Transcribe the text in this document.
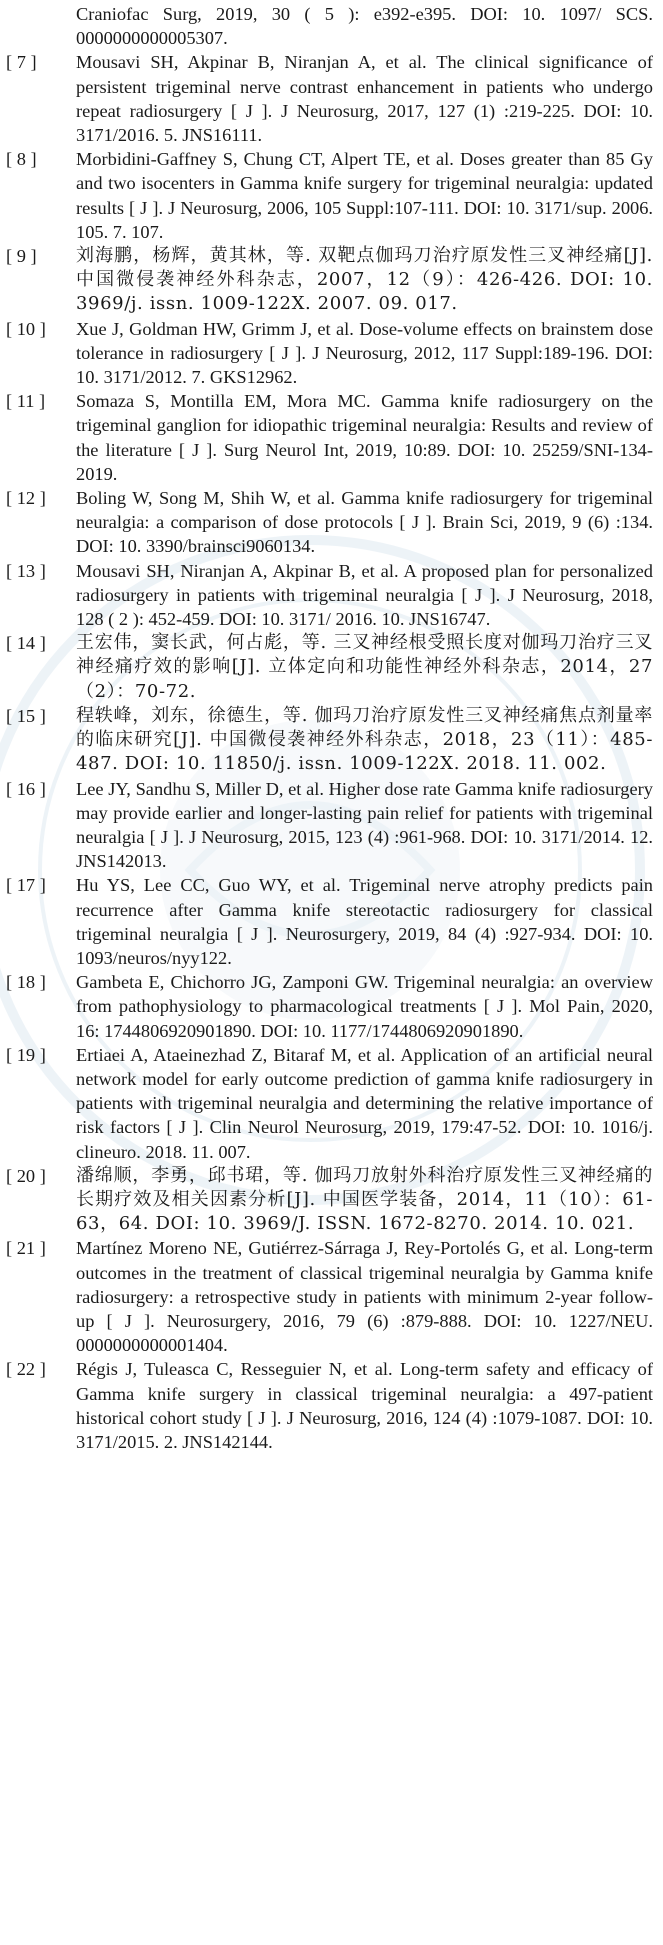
Craniofac Surg, 2019, 30 ( 5 ): e392-e395. DOI: 10. 1097/ SCS. 0000000000005307.
[ 7 ]	Mousavi SH, Akpinar B, Niranjan A, et al. The clinical significance of persistent trigeminal nerve contrast enhancement in patients who undergo repeat radiosurgery [ J ]. J Neurosurg, 2017, 127 (1) :219-225. DOI: 10. 3171/2016. 5. JNS16111.
[ 8 ]	Morbidini-Gaffney S, Chung CT, Alpert TE, et al. Doses greater than 85 Gy and two isocenters in Gamma knife surgery for trigeminal neuralgia: updated results [ J ]. J Neurosurg, 2006, 105 Suppl:107-111. DOI: 10. 3171/sup. 2006. 105. 7. 107.
[ 9 ]	刘海鹏，杨辉，黄其林，等. 双靶点伽玛刀治疗原发性三叉神经痛[J]. 中国微侵袭神经外科杂志，2007，12（9）：426-426. DOI: 10. 3969/j. issn. 1009-122X. 2007. 09. 017.
[ 10 ]	Xue J, Goldman HW, Grimm J, et al. Dose-volume effects on brainstem dose tolerance in radiosurgery [ J ]. J Neurosurg, 2012, 117 Suppl:189-196. DOI: 10. 3171/2012. 7. GKS12962.
[ 11 ]	Somaza S, Montilla EM, Mora MC. Gamma knife radiosurgery on the trigeminal ganglion for idiopathic trigeminal neuralgia: Results and review of the literature [ J ]. Surg Neurol Int, 2019, 10:89. DOI: 10. 25259/SNI-134-2019.
[ 12 ]	Boling W, Song M, Shih W, et al. Gamma knife radiosurgery for trigeminal neuralgia: a comparison of dose protocols [ J ]. Brain Sci, 2019, 9 (6) :134. DOI: 10. 3390/brainsci9060134.
[ 13 ]	Mousavi SH, Niranjan A, Akpinar B, et al. A proposed plan for personalized radiosurgery in patients with trigeminal neuralgia [ J ]. J Neurosurg, 2018, 128 ( 2 ): 452-459. DOI: 10. 3171/ 2016. 10. JNS16747.
[ 14 ]	王宏伟，窦长武，何占彪，等. 三叉神经根受照长度对伽玛刀治疗三叉神经痛疗效的影响[J]. 立体定向和功能性神经外科杂志，2014，27（2）：70-72.
[ 15 ]	程轶峰，刘东，徐德生，等. 伽玛刀治疗原发性三叉神经痛焦点剂量率的临床研究[J]. 中国微侵袭神经外科杂志，2018，23（11）：485-487. DOI: 10. 11850/j. issn. 1009-122X. 2018. 11. 002.
[ 16 ]	Lee JY, Sandhu S, Miller D, et al. Higher dose rate Gamma knife radiosurgery may provide earlier and longer-lasting pain relief for patients with trigeminal neuralgia [ J ]. J Neurosurg, 2015, 123 (4) :961-968. DOI: 10. 3171/2014. 12. JNS142013.
[ 17 ]	Hu YS, Lee CC, Guo WY, et al. Trigeminal nerve atrophy predicts pain recurrence after Gamma knife stereotactic radiosurgery for classical trigeminal neuralgia [ J ]. Neurosurgery, 2019, 84 (4) :927-934. DOI: 10. 1093/neuros/nyy122.
[ 18 ]	Gambeta E, Chichorro JG, Zamponi GW. Trigeminal neuralgia: an overview from pathophysiology to pharmacological treatments [ J ]. Mol Pain, 2020, 16: 1744806920901890. DOI: 10. 1177/1744806920901890.
[ 19 ]	Ertiaei A, Ataeinezhad Z, Bitaraf M, et al. Application of an artificial neural network model for early outcome prediction of gamma knife radiosurgery in patients with trigeminal neuralgia and determining the relative importance of risk factors [ J ]. Clin Neurol Neurosurg, 2019, 179:47-52. DOI: 10. 1016/j. clineuro. 2018. 11. 007.
[ 20 ]	潘绵顺，李勇，邱书珺，等. 伽玛刀放射外科治疗原发性三叉神经痛的长期疗效及相关因素分析[J]. 中国医学装备，2014，11（10）：61-63，64. DOI: 10. 3969/J. ISSN. 1672-8270. 2014. 10. 021.
[ 21 ]	Martínez Moreno NE, Gutiérrez-Sárraga J, Rey-Portolés G, et al. Long-term outcomes in the treatment of classical trigeminal neuralgia by Gamma knife radiosurgery: a retrospective study in patients with minimum 2-year follow-up [ J ]. Neurosurgery, 2016, 79 (6) :879-888. DOI: 10. 1227/NEU. 0000000000001404.
[ 22 ]	Régis J, Tuleasca C, Resseguier N, et al. Long-term safety and efficacy of Gamma knife surgery in classical trigeminal neuralgia: a 497-patient historical cohort study [ J ]. J Neurosurg, 2016, 124 (4) :1079-1087. DOI: 10. 3171/2015. 2. JNS142144.
